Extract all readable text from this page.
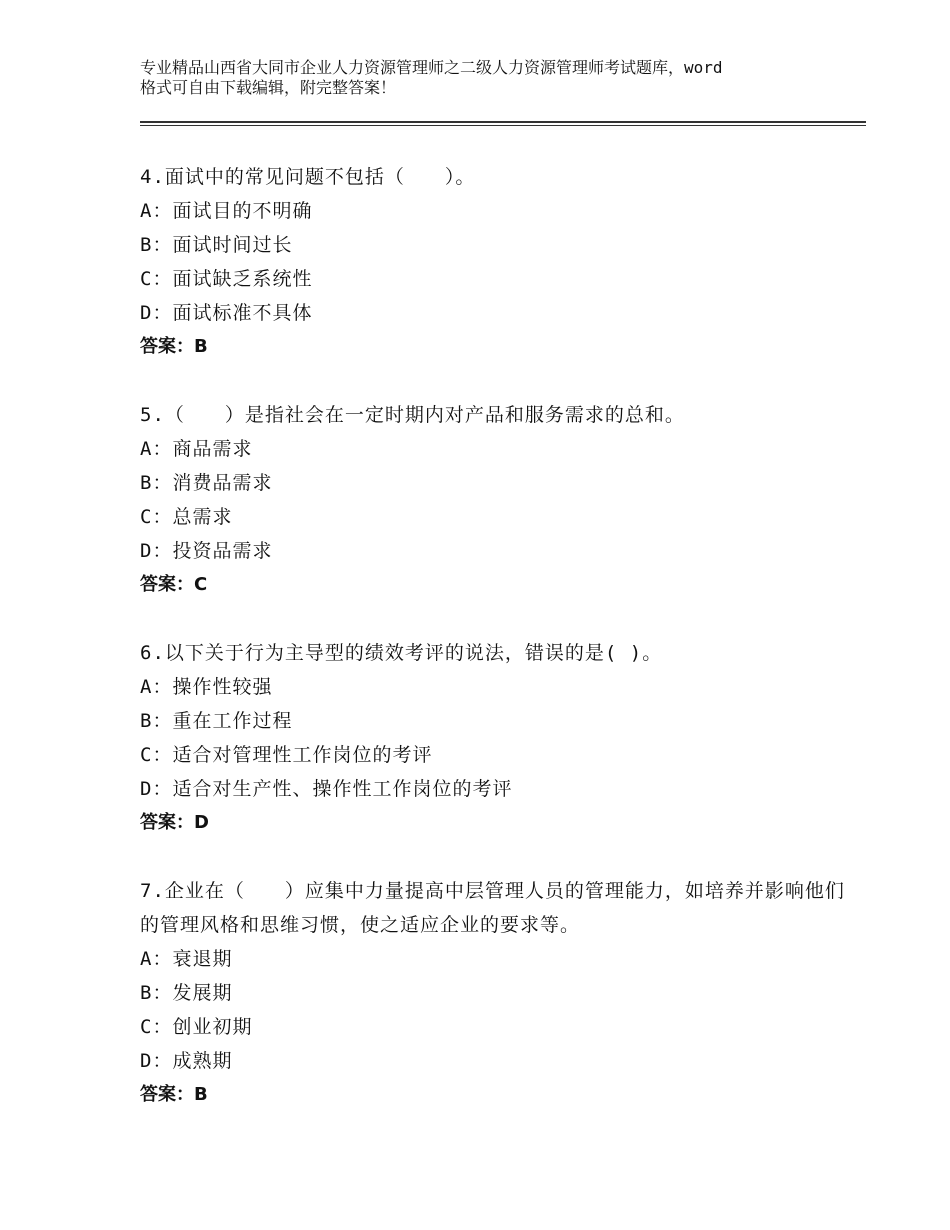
专业精品山西省大同市企业人力资源管理师之二级人力资源管理师考试题库，word
格式可自由下载编辑，附完整答案！
4.面试中的常见问题不包括（　　）。
A：面试目的不明确
B：面试时间过长
C：面试缺乏系统性
D：面试标准不具体
答案：B
5.（　　）是指社会在一定时期内对产品和服务需求的总和。
A：商品需求
B：消费品需求
C：总需求
D：投资品需求
答案：C
6.以下关于行为主导型的绩效考评的说法，错误的是( )。
A：操作性较强
B：重在工作过程
C：适合对管理性工作岗位的考评
D：适合对生产性、操作性工作岗位的考评
答案：D
7.企业在（　　）应集中力量提高中层管理人员的管理能力，如培养并影响他们的管理风格和思维习惯，使之适应企业的要求等。
A：衰退期
B：发展期
C：创业初期
D：成熟期
答案：B
